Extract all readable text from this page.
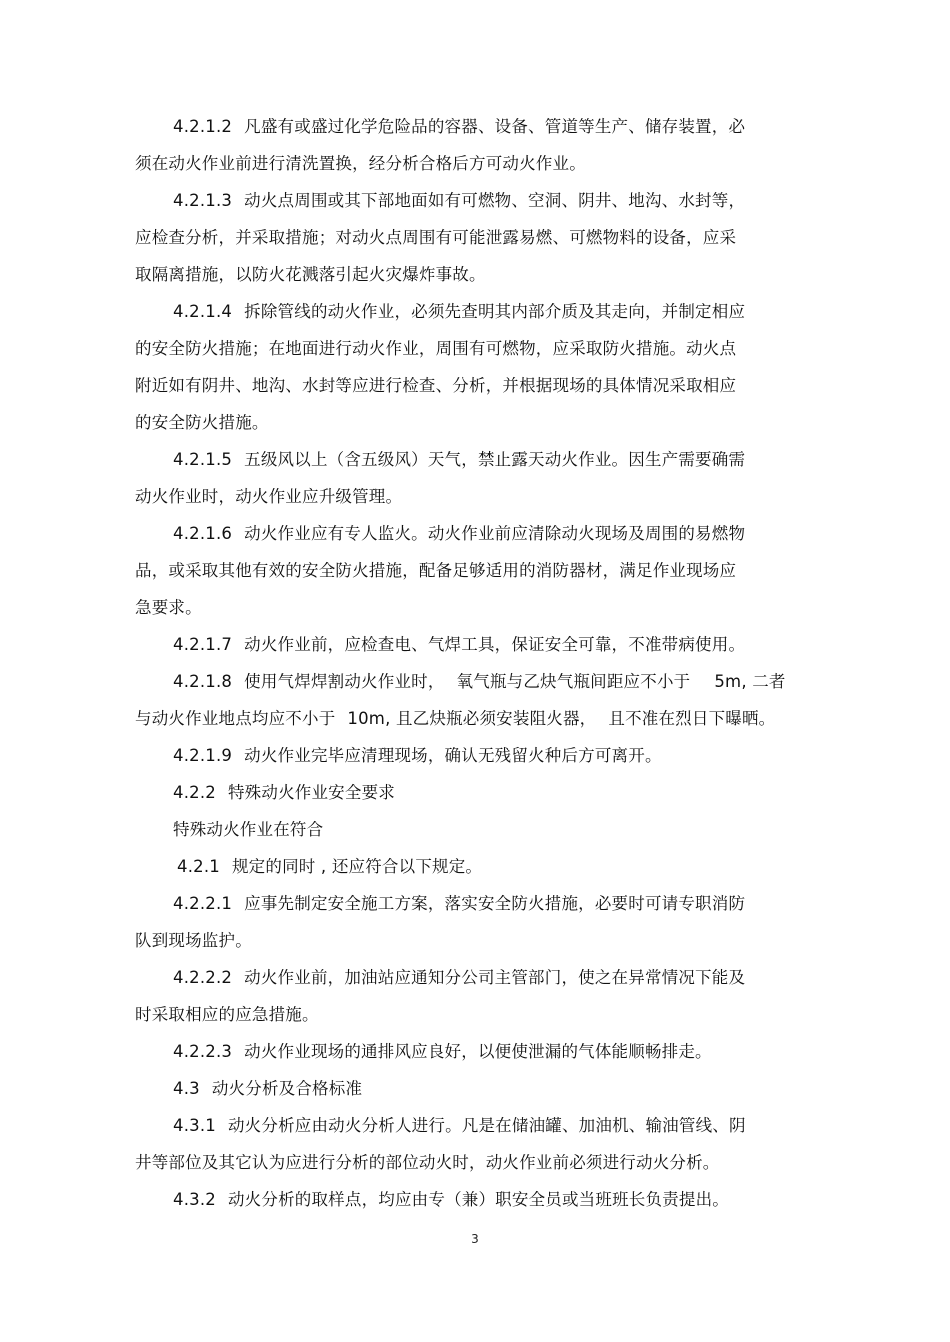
4.2.1.2 凡盛有或盛过化学危险品的容器、设备、管道等生产、储存装置，必
须在动火作业前进行清洗置换，经分析合格后方可动火作业。
4.2.1.3 动火点周围或其下部地面如有可燃物、空洞、阴井、地沟、水封等，
应检查分析，并采取措施；对动火点周围有可能泄露易燃、可燃物料的设备，应采
取隔离措施，以防火花溅落引起火灾爆炸事故。
4.2.1.4 拆除管线的动火作业，必须先查明其内部介质及其走向，并制定相应
的安全防火措施；在地面进行动火作业，周围有可燃物，应采取防火措施。动火点
附近如有阴井、地沟、水封等应进行检查、分析，并根据现场的具体情况采取相应
的安全防火措施。
4.2.1.5 五级风以上（含五级风）天气，禁止露天动火作业。因生产需要确需
动火作业时，动火作业应升级管理。
4.2.1.6 动火作业应有专人监火。动火作业前应清除动火现场及周围的易燃物
品，或采取其他有效的安全防火措施，配备足够适用的消防器材，满足作业现场应
急要求。
4.2.1.7 动火作业前，应检查电、气焊工具，保证安全可靠，不准带病使用。
4.2.1.8 使用气焊焊割动火作业时， 氧气瓶与乙炔气瓶间距应不小于 5m, 二者
与动火作业地点均应不小于 10m, 且乙炔瓶必须安装阻火器， 且不准在烈日下曝晒。
4.2.1.9 动火作业完毕应清理现场，确认无残留火种后方可离开。
4.2.2 特殊动火作业安全要求
特殊动火作业在符合
4.2.1 规定的同时 , 还应符合以下规定。
4.2.2.1 应事先制定安全施工方案，落实安全防火措施，必要时可请专职消防
队到现场监护。
4.2.2.2 动火作业前，加油站应通知分公司主管部门，使之在异常情况下能及
时采取相应的应急措施。
4.2.2.3 动火作业现场的通排风应良好，以便使泄漏的气体能顺畅排走。
4.3 动火分析及合格标准
4.3.1 动火分析应由动火分析人进行。凡是在储油罐、加油机、输油管线、阴
井等部位及其它认为应进行分析的部位动火时，动火作业前必须进行动火分析。
4.3.2 动火分析的取样点，均应由专（兼）职安全员或当班班长负责提出。
3
